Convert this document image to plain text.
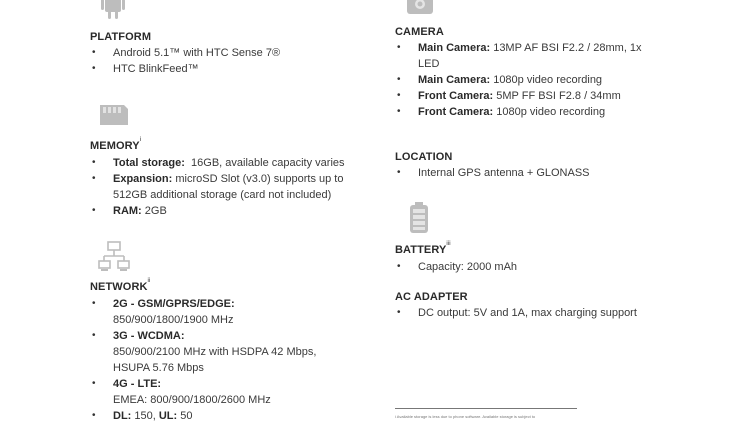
PLATFORM
• Android 5.1™ with HTC Sense 7®
• HTC BlinkFeed™
MEMORY$^i$
• Total storage:  16GB, available capacity varies
• Expansion: microSD Slot (v3.0) supports up to 512GB additional storage (card not included)
• RAM: 2GB
NETWORK$^{ii}$
• 2G - GSM/GPRS/EDGE:
850/900/1800/1900 MHz
• 3G - WCDMA:
850/900/2100 MHz with HSDPA 42 Mbps, HSUPA 5.76 Mbps
• 4G - LTE:
EMEA: 800/900/1800/2600 MHz
• DL: 150, UL: 50
CAMERA
• Main Camera: 13MP AF BSI F2.2 / 28mm, 1x LED
• Main Camera: 1080p video recording
• Front Camera: 5MP FF BSI F2.8 / 34mm
• Front Camera: 1080p video recording
LOCATION
• Internal GPS antenna + GLONASS
BATTERY$^{iii}$
• Capacity: 2000 mAh
AC ADAPTER
• DC output: 5V and 1A, max charging support
i Available storage is less due to phone software. Available storage is subject to
